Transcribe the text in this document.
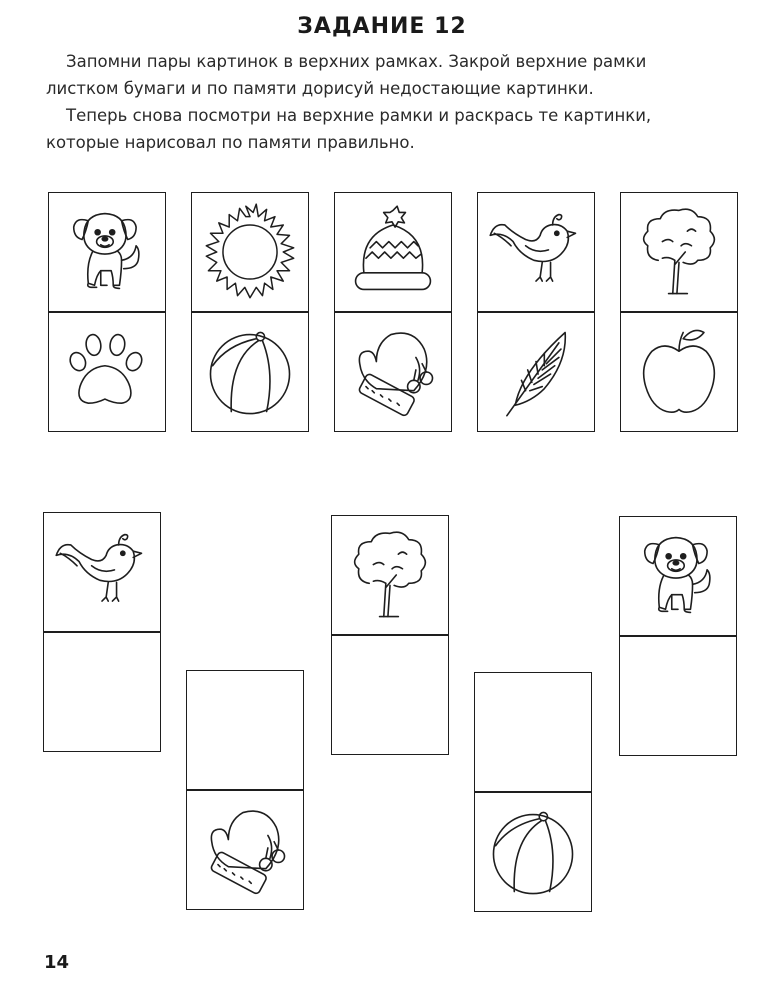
ЗАДАНИЕ 12

Запомни пары картинок в верхних рамках. Закрой верхние рамки

листком бумаги и по памяти дорисуй недостающие картинки.

Теперь снова посмотри на верхние рамки и раскрась те картинки,

которые нарисовал по памяти правильно.

14
